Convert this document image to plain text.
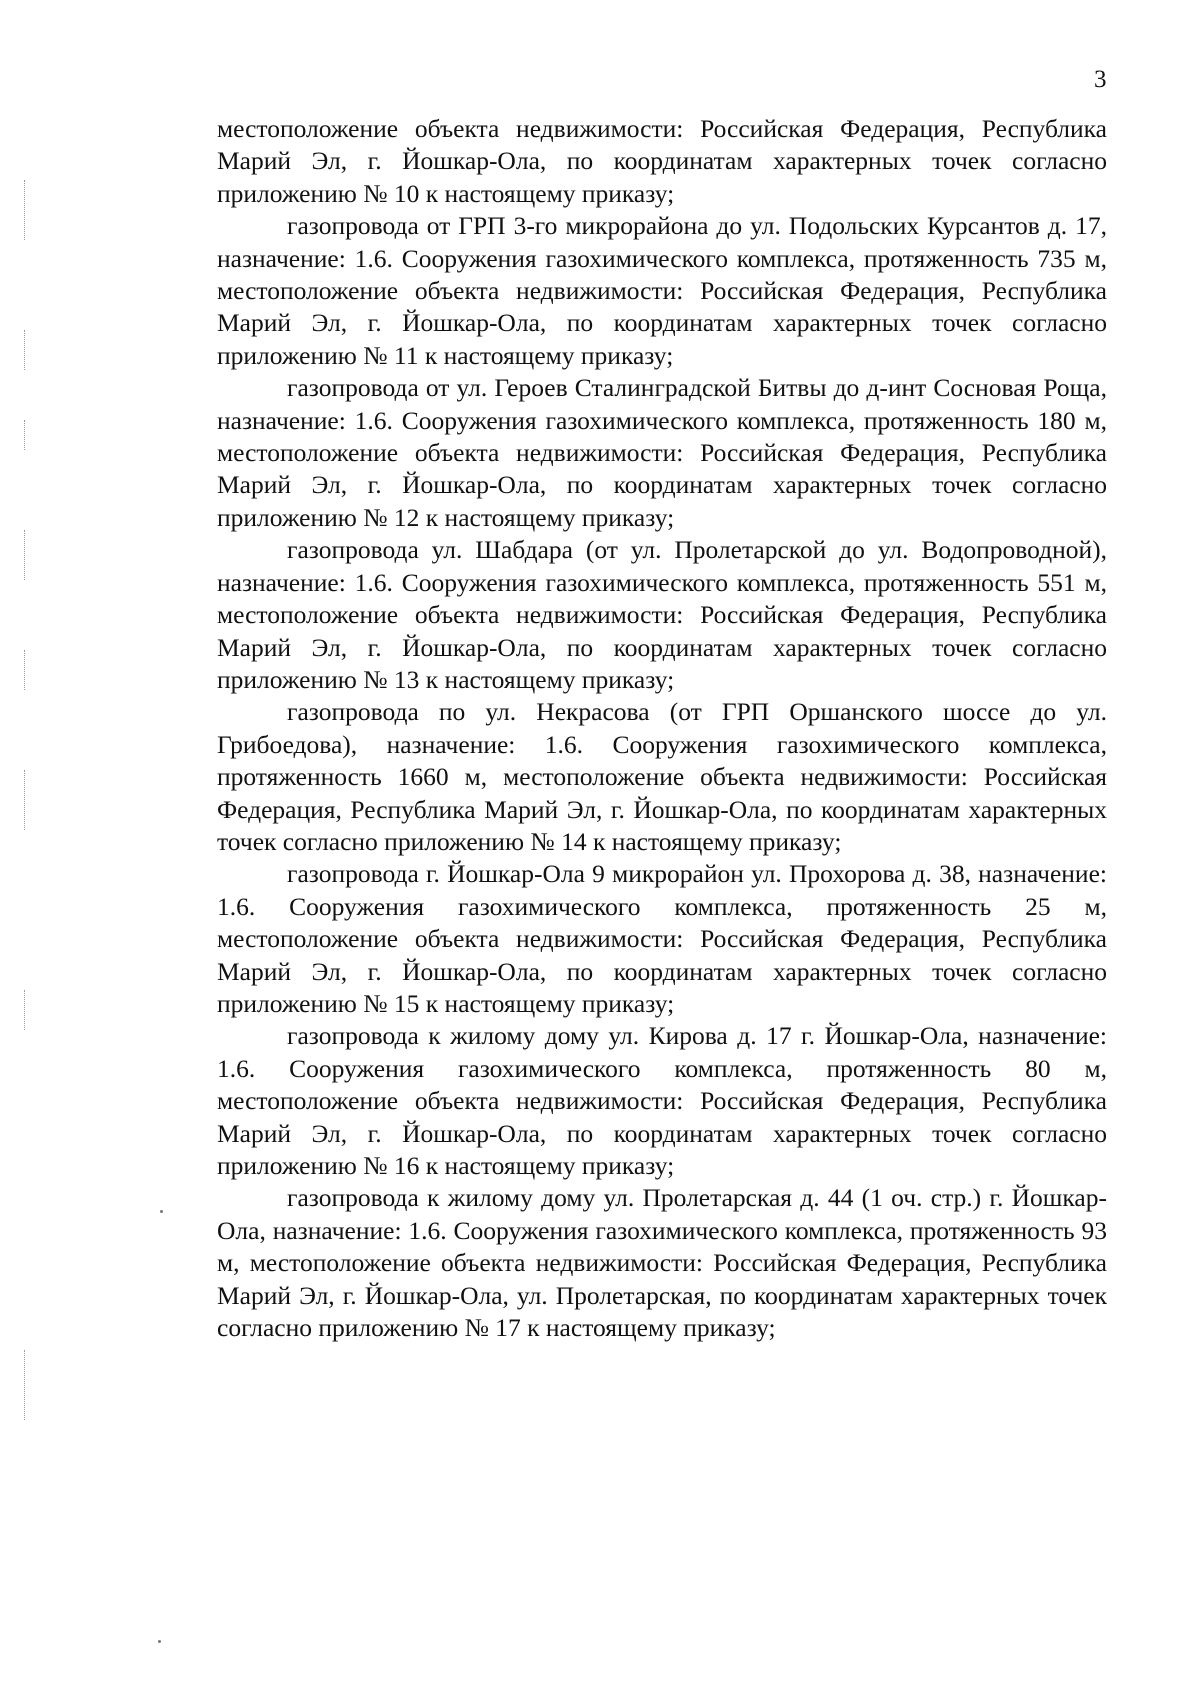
3

местоположение объекта недвижимости: Российская Федерация, Республика Марий Эл, г. Йошкар-Ола, по координатам характерных точек согласно приложению № 10 к настоящему приказу;

газопровода от ГРП 3-го микрорайона до ул. Подольских Курсантов д. 17, назначение: 1.6. Сооружения газохимического комплекса, протяженность 735 м, местоположение объекта недвижимости: Российская Федерация, Республика Марий Эл, г. Йошкар-Ола, по координатам характерных точек согласно приложению № 11 к настоящему приказу;

газопровода от ул. Героев Сталинградской Битвы до д-инт Сосновая Роща, назначение: 1.6. Сооружения газохимического комплекса, протяженность 180 м, местоположение объекта недвижимости: Российская Федерация, Республика Марий Эл, г. Йошкар-Ола, по координатам характерных точек согласно приложению № 12 к настоящему приказу;

газопровода ул. Шабдара (от ул. Пролетарской до ул. Водопроводной), назначение: 1.6. Сооружения газохимического комплекса, протяженность 551 м, местоположение объекта недвижимости: Российская Федерация, Республика Марий Эл, г. Йошкар-Ола, по координатам характерных точек согласно приложению № 13 к настоящему приказу;

газопровода по ул. Некрасова (от ГРП Оршанского шоссе до ул. Грибоедова), назначение: 1.6. Сооружения газохимического комплекса, протяженность 1660 м, местоположение объекта недвижимости: Российская Федерация, Республика Марий Эл, г. Йошкар-Ола, по координатам характерных точек согласно приложению № 14 к настоящему приказу;

газопровода г. Йошкар-Ола 9 микрорайон ул. Прохорова д. 38, назначение: 1.6. Сооружения газохимического комплекса, протяженность 25 м, местоположение объекта недвижимости: Российская Федерация, Республика Марий Эл, г. Йошкар-Ола, по координатам характерных точек согласно приложению № 15 к настоящему приказу;

газопровода к жилому дому ул. Кирова д. 17 г. Йошкар-Ола, назначение: 1.6. Сооружения газохимического комплекса, протяженность 80 м, местоположение объекта недвижимости: Российская Федерация, Республика Марий Эл, г. Йошкар-Ола, по координатам характерных точек согласно приложению № 16 к настоящему приказу;

газопровода к жилому дому ул. Пролетарская д. 44 (1 оч. стр.) г. Йошкар-Ола, назначение: 1.6. Сооружения газохимического комплекса, протяженность 93 м, местоположение объекта недвижимости: Российская Федерация, Республика Марий Эл, г. Йошкар-Ола, ул. Пролетарская, по координатам характерных точек согласно приложению № 17 к настоящему приказу;
